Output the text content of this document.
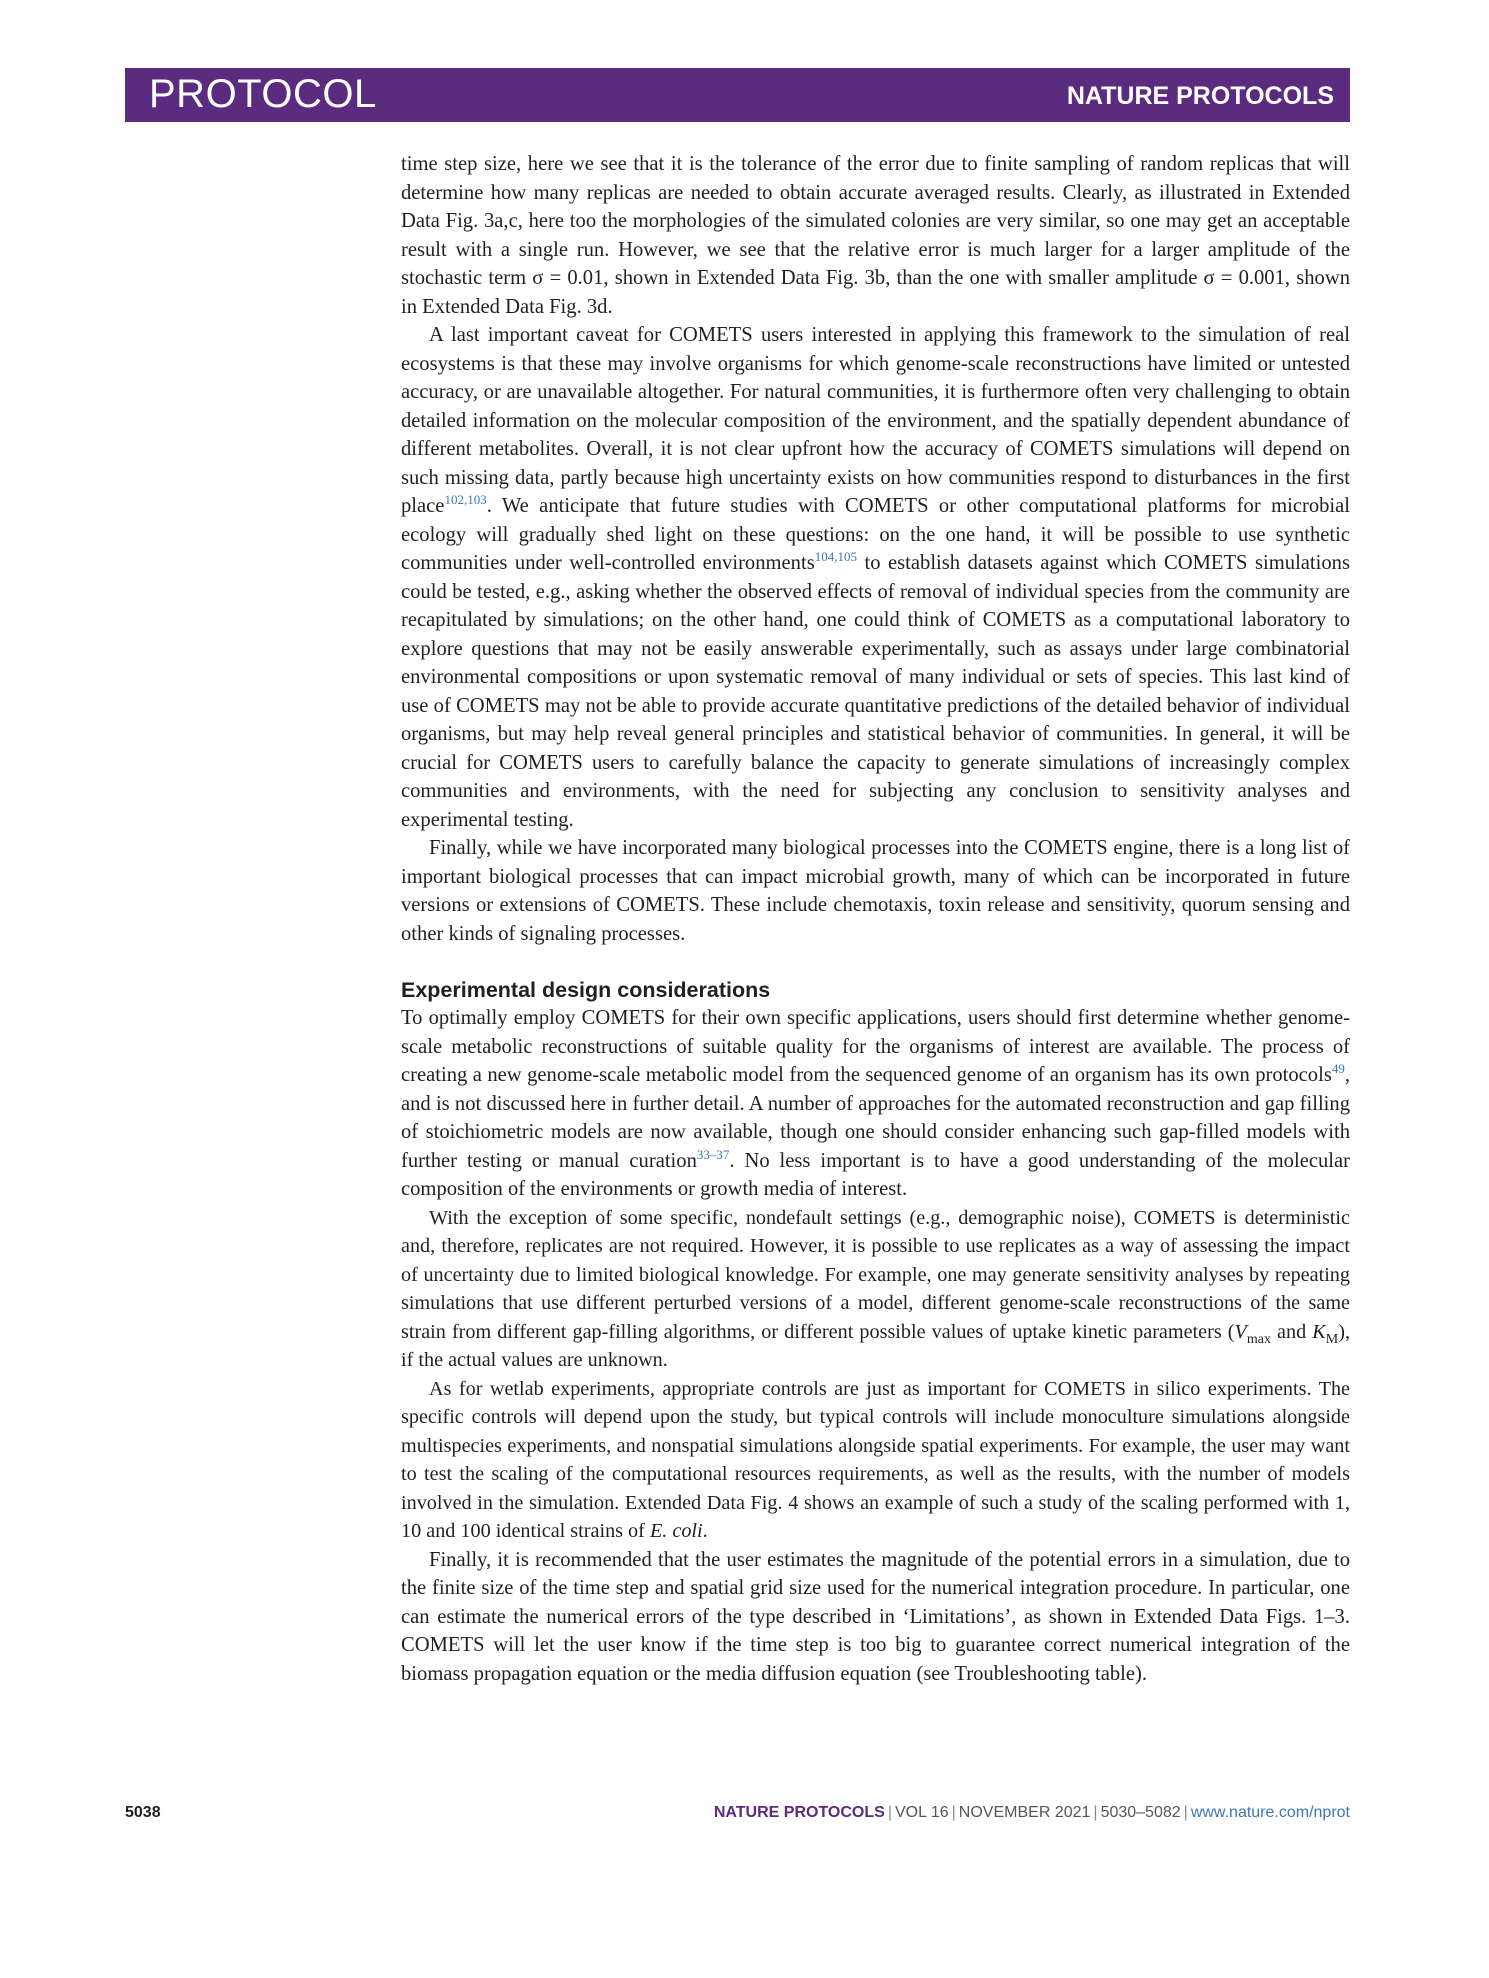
PROTOCOL	NATURE PROTOCOLS

time step size, here we see that it is the tolerance of the error due to finite sampling of random replicas that will determine how many replicas are needed to obtain accurate averaged results. Clearly, as illustrated in Extended Data Fig. 3a,c, here too the morphologies of the simulated colonies are very similar, so one may get an acceptable result with a single run. However, we see that the relative error is much larger for a larger amplitude of the stochastic term σ = 0.01, shown in Extended Data Fig. 3b, than the one with smaller amplitude σ = 0.001, shown in Extended Data Fig. 3d.

A last important caveat for COMETS users interested in applying this framework to the simulation of real ecosystems is that these may involve organisms for which genome-scale reconstructions have limited or untested accuracy, or are unavailable altogether. For natural communities, it is furthermore often very challenging to obtain detailed information on the molecular composition of the environment, and the spatially dependent abundance of different metabolites. Overall, it is not clear upfront how the accuracy of COMETS simulations will depend on such missing data, partly because high uncertainty exists on how communities respond to disturbances in the first place$^{102,103}$. We anticipate that future studies with COMETS or other computational platforms for microbial ecology will gradually shed light on these questions: on the one hand, it will be possible to use synthetic communities under well-controlled environments$^{104,105}$ to establish datasets against which COMETS simulations could be tested, e.g., asking whether the observed effects of removal of individual species from the community are recapitulated by simulations; on the other hand, one could think of COMETS as a computational laboratory to explore questions that may not be easily answerable experimentally, such as assays under large combinatorial environmental compositions or upon systematic removal of many individual or sets of species. This last kind of use of COMETS may not be able to provide accurate quantitative predictions of the detailed behavior of individual organisms, but may help reveal general principles and statistical behavior of communities. In general, it will be crucial for COMETS users to carefully balance the capacity to generate simulations of increasingly complex communities and environments, with the need for subjecting any conclusion to sensitivity analyses and experimental testing.

Finally, while we have incorporated many biological processes into the COMETS engine, there is a long list of important biological processes that can impact microbial growth, many of which can be incorporated in future versions or extensions of COMETS. These include chemotaxis, toxin release and sensitivity, quorum sensing and other kinds of signaling processes.

Experimental design considerations

To optimally employ COMETS for their own specific applications, users should first determine whether genome-scale metabolic reconstructions of suitable quality for the organisms of interest are available. The process of creating a new genome-scale metabolic model from the sequenced genome of an organism has its own protocols$^{49}$, and is not discussed here in further detail. A number of approaches for the automated reconstruction and gap filling of stoichiometric models are now available, though one should consider enhancing such gap-filled models with further testing or manual curation$^{33-37}$. No less important is to have a good understanding of the molecular composition of the environments or growth media of interest.

With the exception of some specific, nondefault settings (e.g., demographic noise), COMETS is deterministic and, therefore, replicates are not required. However, it is possible to use replicates as a way of assessing the impact of uncertainty due to limited biological knowledge. For example, one may generate sensitivity analyses by repeating simulations that use different perturbed versions of a model, different genome-scale reconstructions of the same strain from different gap-filling algorithms, or different possible values of uptake kinetic parameters ($V_{max}$ and $K_M$), if the actual values are unknown.

As for wetlab experiments, appropriate controls are just as important for COMETS in silico experiments. The specific controls will depend upon the study, but typical controls will include monoculture simulations alongside multispecies experiments, and nonspatial simulations alongside spatial experiments. For example, the user may want to test the scaling of the computational resources requirements, as well as the results, with the number of models involved in the simulation. Extended Data Fig. 4 shows an example of such a study of the scaling performed with 1, 10 and 100 identical strains of E. coli.

Finally, it is recommended that the user estimates the magnitude of the potential errors in a simulation, due to the finite size of the time step and spatial grid size used for the numerical integration procedure. In particular, one can estimate the numerical errors of the type described in ‘Limitations’, as shown in Extended Data Figs. 1–3. COMETS will let the user know if the time step is too big to guarantee correct numerical integration of the biomass propagation equation or the media diffusion equation (see Troubleshooting table).

5038	NATURE PROTOCOLS | VOL 16 | NOVEMBER 2021 | 5030–5082 | www.nature.com/nprot
